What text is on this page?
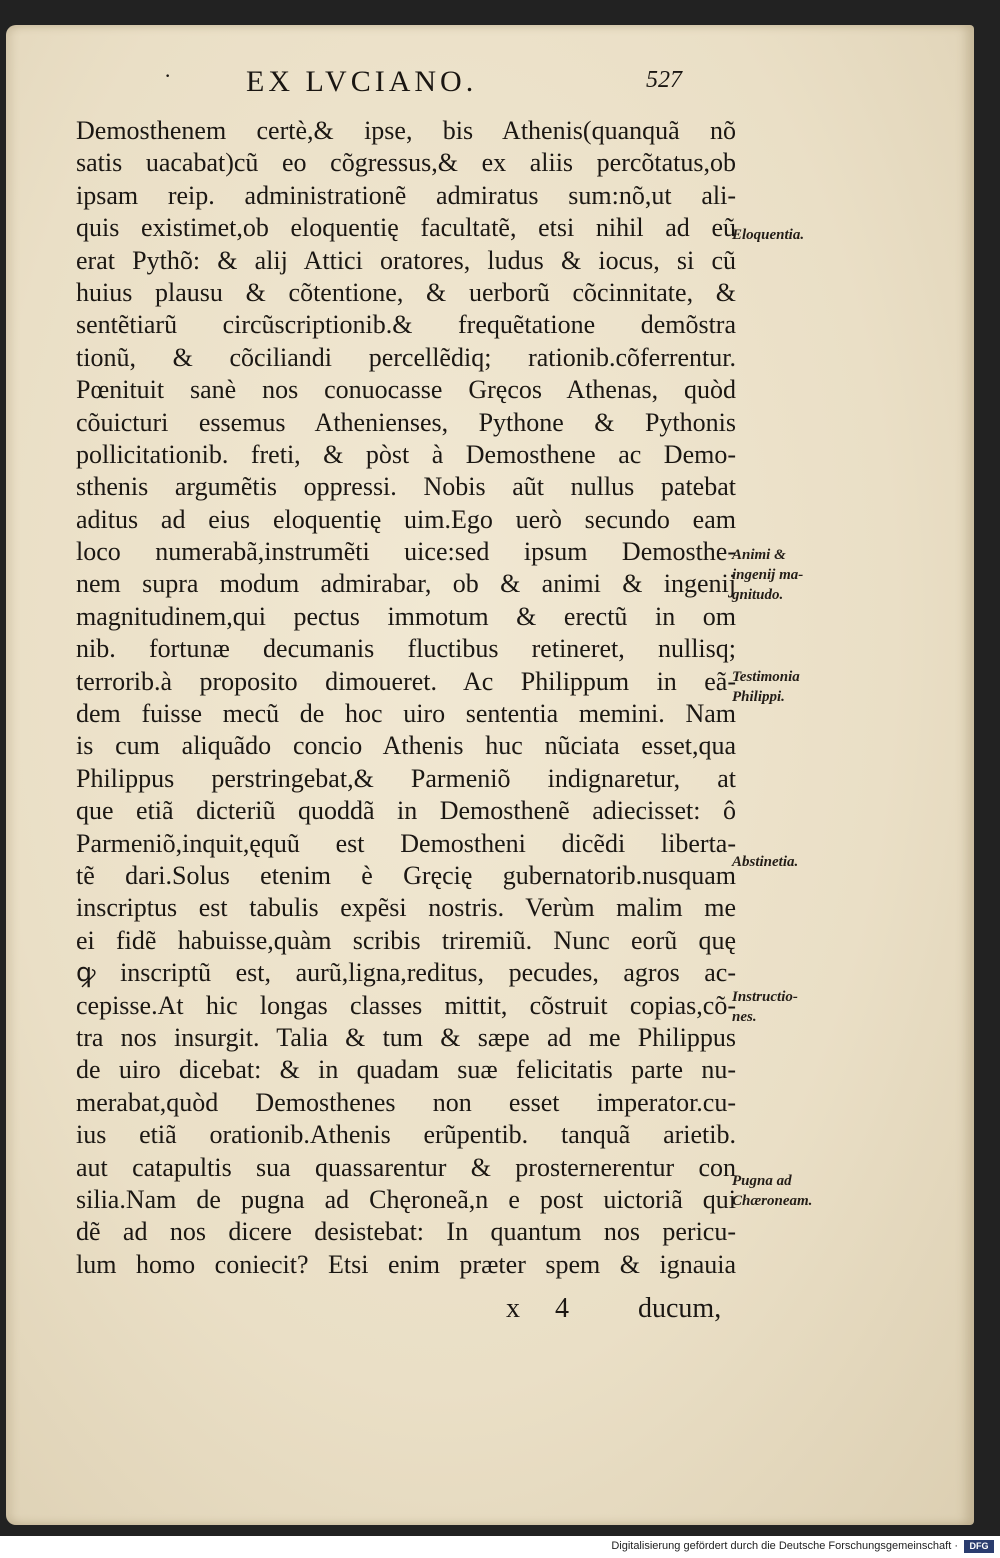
· EX LVCIANO.	527
Demosthenem certè,& ipse, bis Athenis(quanquã nõ
satis uacabat)cũ eo cõgressus,& ex aliis percõtatus,ob
ipsam reip. administrationẽ admiratus sum:nõ,ut ali-
quis existimet,ob eloquentię facultatẽ, etsi nihil ad eũ
erat Pythõ: & alij Attici oratores, ludus & iocus, si cũ
huius plausu & cõtentione, & uerborũ cõcinnitate, &
sentẽtiarũ circũscriptionib.& frequẽtatione demõstra
tionũ, & cõciliandi percellẽdiq; rationib.cõferrentur.
Pœnituit sanè nos conuocasse Gręcos Athenas, quòd
cõuicturi essemus Athenienses, Pythone & Pythonis
pollicitationib. freti, & pòst à Demosthene ac Demo-
sthenis argumẽtis oppressi. Nobis aũt nullus patebat
aditus ad eius eloquentię uim.Ego uerò secundo eam
loco numerabã,instrumẽti uice:sed ipsum Demosthe-
nem supra modum admirabar, ob & animi & ingenij
magnitudinem,qui pectus immotum & erectũ in om
nib. fortunæ decumanis fluctibus retineret, nullisq;
terrorib.à proposito dimoueret. Ac Philippum in eã-
dem fuisse mecũ de hoc uiro sententia memini. Nam
is cum aliquãdo concio Athenis huc nũciata esset,qua
Philippus perstringebat,& Parmeniõ indignaretur, at
que etiã dicteriũ quoddã in Demosthenẽ adiecisset: ô
Parmeniõ,inquit,ęquũ est Demostheni dicẽdi liberta-
tẽ dari.Solus etenim è Gręcię gubernatorib.nusquam
inscriptus est tabulis expẽsi nostris. Verùm malim me
ei fidẽ habuisse,quàm scribis triremiũ. Nunc eorũ quę
ꝙ inscriptũ est, aurũ,ligna,reditus, pecudes, agros ac-
cepisse.At hic longas classes mittit, cõstruit copias,cõ-
tra nos insurgit. Talia & tum & sæpe ad me Philippus
de uiro dicebat: & in quadam suæ felicitatis parte nu-
merabat,quòd Demosthenes non esset imperator.cu-
ius etiã orationib.Athenis erũpentib. tanquã arietib.
aut catapultis sua quassarentur & prosternerentur con
silia.Nam de pugna ad Chęroneã,n e post uictoriã qui
dẽ ad nos dicere desistebat: In quantum nos pericu-
lum homo coniecit? Etsi enim præter spem & ignauia
Eloquentia.
Animi &
ingenij ma-
gnitudo.
Testimonia
Philippi.
Abstinetia.
Instructio-
nes.
Pugna ad
Chæroneam.
x 4 ducum,
Digitalisierung gefördert durch die Deutsche Forschungsgemeinschaft ·	DFG
